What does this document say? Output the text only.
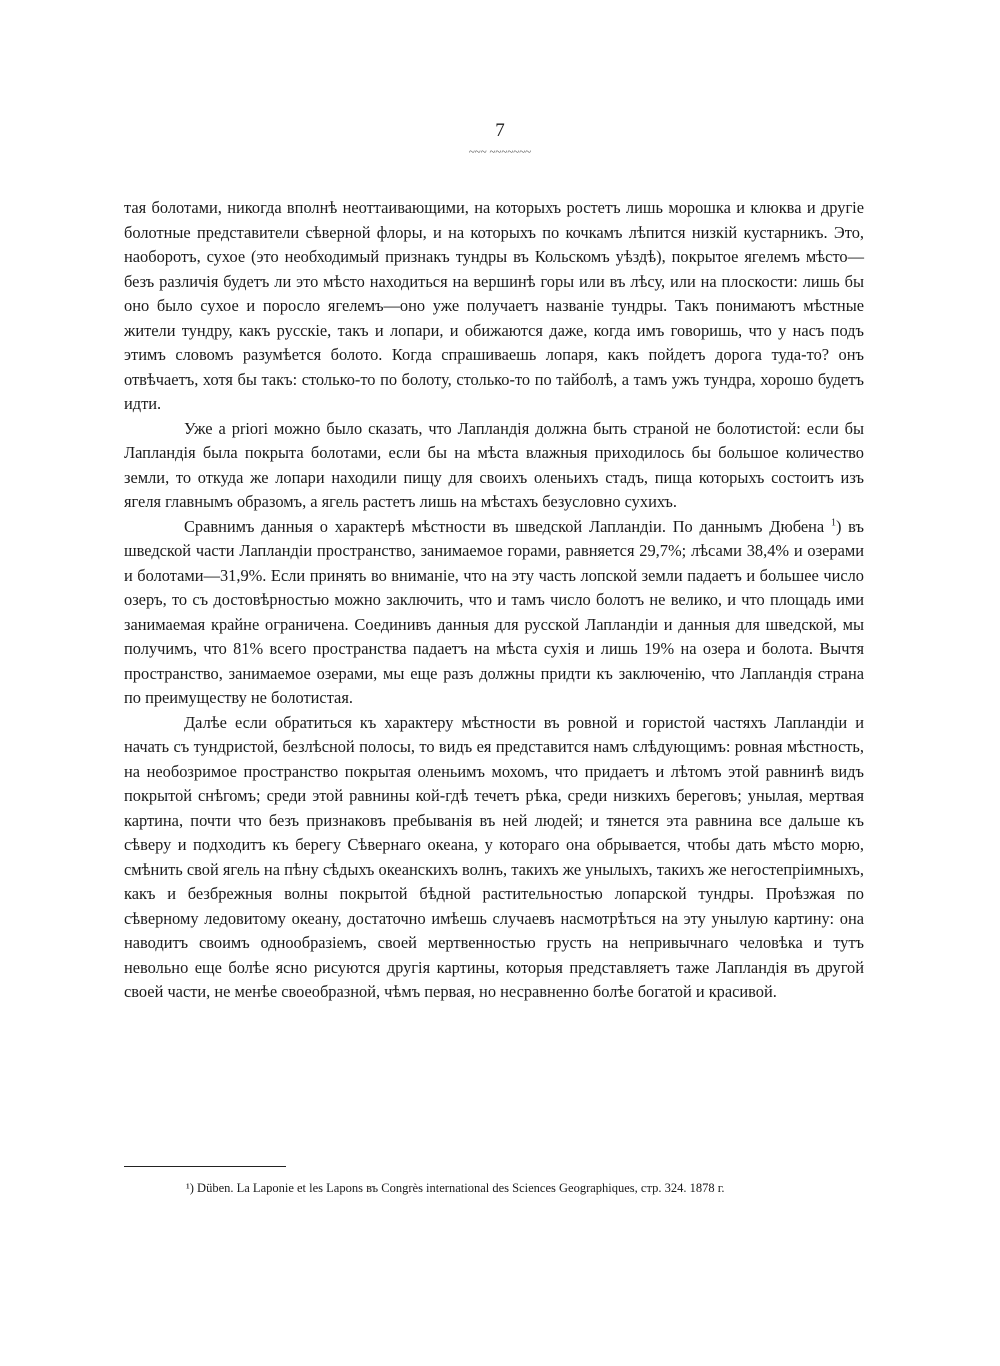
7
~~~ ~~~~~~~

тая болотами, никогда вполнѣ неоттаивающими, на которыхъ ростетъ лишь морошка и клюква и другіе болотные представители сѣверной флоры, и на которыхъ по кочкамъ лѣпится низкій кустарникъ. Это, наоборотъ, сухое (это необходимый признакъ тундры въ Кольскомъ уѣздѣ), покрытое ягелемъ мѣсто—безъ различія будетъ ли это мѣсто находиться на вершинѣ горы или въ лѣсу, или на плоскости: лишь бы оно было сухое и поросло ягелемъ—оно уже получаетъ названіе тундры. Такъ понимаютъ мѣстные жители тундру, какъ русскіе, такъ и лопари, и обижаются даже, когда имъ говоришь, что у насъ подъ этимъ словомъ разумѣется болото. Когда спрашиваешь лопаря, какъ пойдетъ дорога туда-то? онъ отвѣчаетъ, хотя бы такъ: столько-то по болоту, столько-то по тайболѣ, а тамъ ужъ тундра, хорошо будетъ идти.

Уже a priori можно было сказать, что Лапландія должна быть страной не болотистой: если бы Лапландія была покрыта болотами, если бы на мѣста влажныя приходилось бы большое количество земли, то откуда же лопари находили пищу для своихъ оленьихъ стадъ, пища которыхъ состоитъ изъ ягеля главнымъ образомъ, а ягель растетъ лишь на мѣстахъ безусловно сухихъ.

Сравнимъ данныя о характерѣ мѣстности въ шведской Лапландіи. По даннымъ Дюбена $^1$) въ шведской части Лапландіи пространство, занимаемое горами, равняется 29,7%; лѣсами 38,4% и озерами и болотами—31,9%. Если принять во вниманіе, что на эту часть лопской земли падаетъ и большее число озеръ, то съ достовѣрностью можно заключить, что и тамъ число болотъ не велико, и что площадь ими занимаемая крайне ограничена. Соединивъ данныя для русской Лапландіи и данныя для шведской, мы получимъ, что 81% всего пространства падаетъ на мѣста сухія и лишь 19% на озера и болота. Вычтя пространство, занимаемое озерами, мы еще разъ должны придти къ заключенію, что Лапландія страна по преимуществу не болотистая.

Далѣе если обратиться къ характеру мѣстности въ ровной и гористой частяхъ Лапландіи и начать съ тундристой, безлѣсной полосы, то видъ ея представится намъ слѣдующимъ: ровная мѣстность, на необозримое пространство покрытая оленьимъ мохомъ, что придаетъ и лѣтомъ этой равнинѣ видъ покрытой снѣгомъ; среди этой равнины кой-гдѣ течетъ рѣка, среди низкихъ береговъ; унылая, мертвая картина, почти что безъ признаковъ пребыванія въ ней людей; и тянется эта равнина все дальше къ сѣверу и подходитъ къ берегу Сѣвернаго океана, у котораго она обрывается, чтобы дать мѣсто морю, смѣнить свой ягель на пѣну сѣдыхъ океанскихъ волнъ, такихъ же унылыхъ, такихъ же негостепріимныхъ, какъ и безбрежныя волны покрытой бѣдной растительностью лопарской тундры. Проѣзжая по сѣверному ледовитому океану, достаточно имѣешь случаевъ насмотрѣться на эту унылую картину: она наводитъ своимъ однообразіемъ, своей мертвенностью грусть на непривычнаго человѣка и тутъ невольно еще болѣе ясно рисуются другія картины, которыя представляетъ таже Лапландія въ другой своей части, не менѣе своеобразной, чѣмъ первая, но несравненно болѣе богатой и красивой.

¹) Düben. La Laponie et les Lapons въ Congrès international des Sciences Geographiques, стр. 324. 1878 г.
